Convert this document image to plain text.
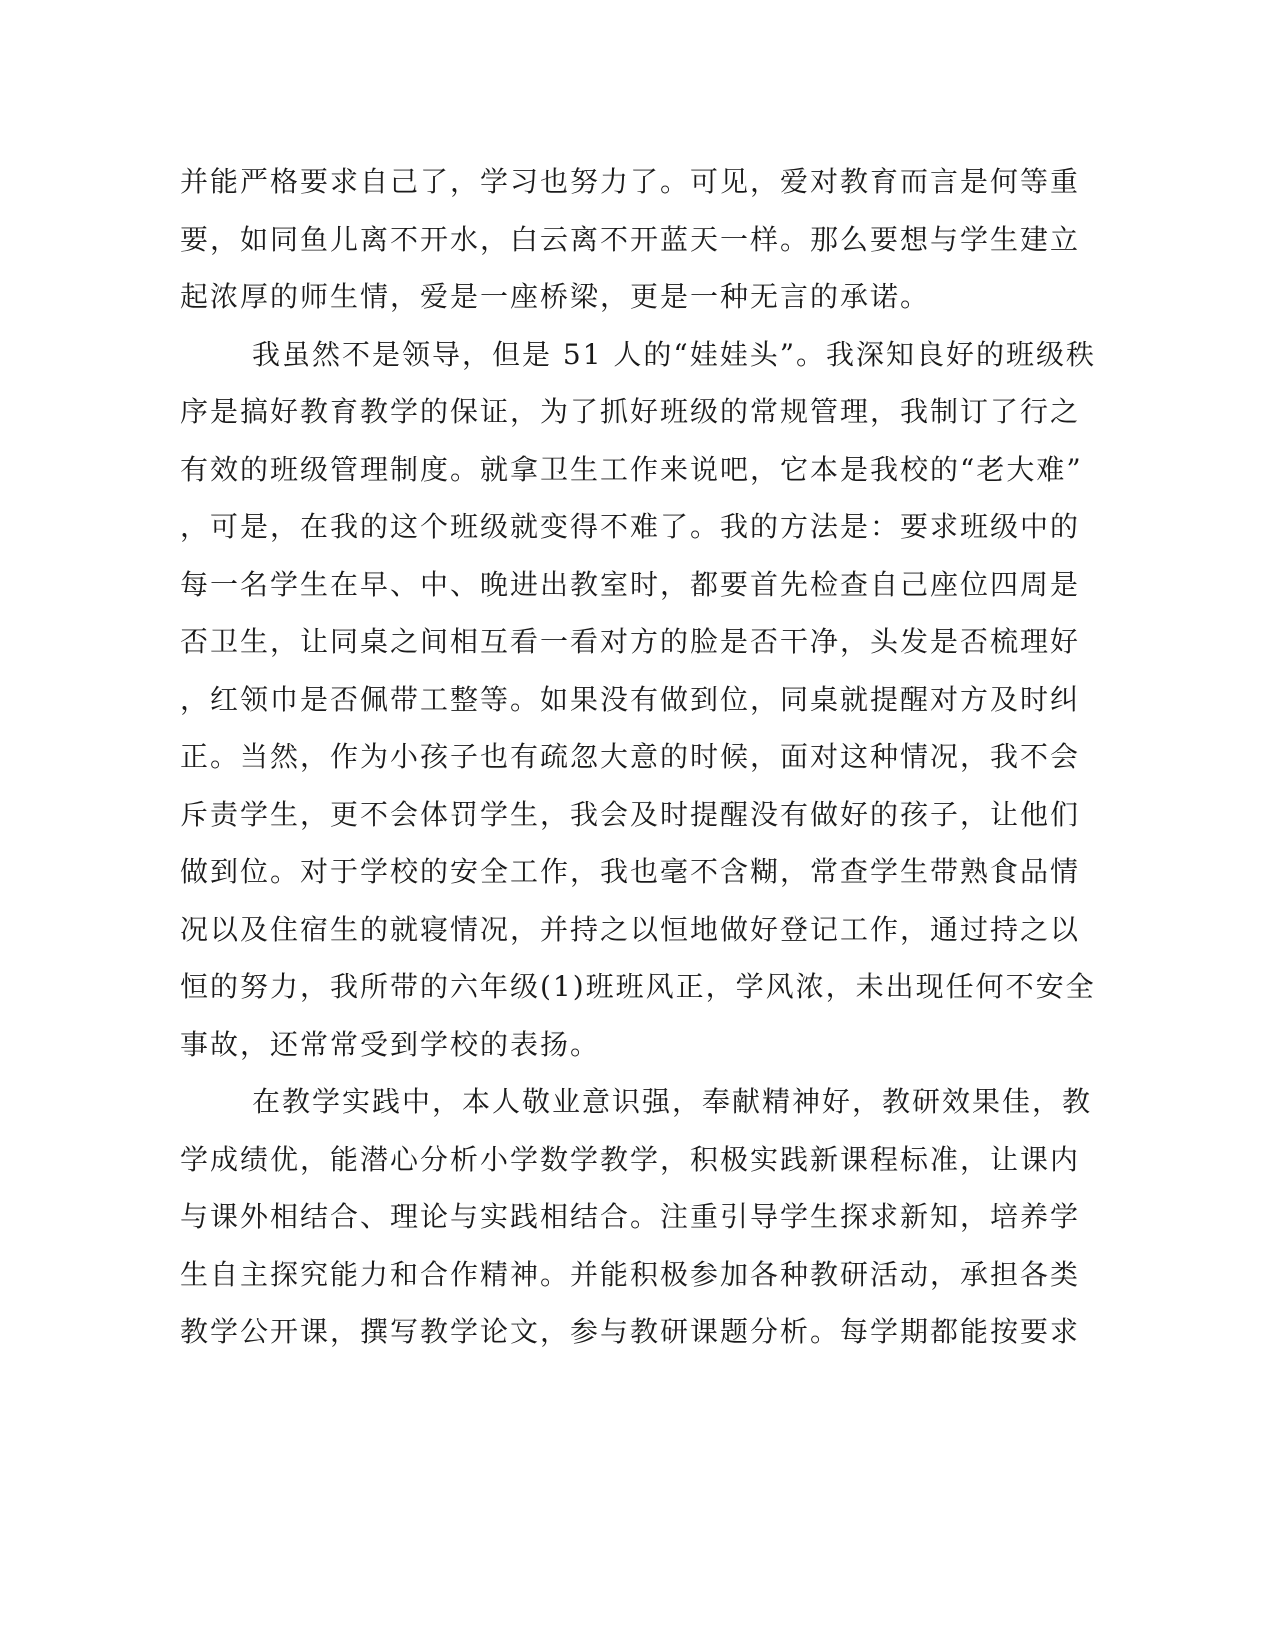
并能严格要求自己了，学习也努力了。可见，爱对教育而言是何等重
要，如同鱼儿离不开水，白云离不开蓝天一样。那么要想与学生建立
起浓厚的师生情，爱是一座桥梁，更是一种无言的承诺。
我虽然不是领导，但是 51 人的“娃娃头”。我深知良好的班级秩
序是搞好教育教学的保证，为了抓好班级的常规管理，我制订了行之
有效的班级管理制度。就拿卫生工作来说吧，它本是我校的“老大难”
，可是，在我的这个班级就变得不难了。我的方法是：要求班级中的
每一名学生在早、中、晚进出教室时，都要首先检查自己座位四周是
否卫生，让同桌之间相互看一看对方的脸是否干净，头发是否梳理好
，红领巾是否佩带工整等。如果没有做到位，同桌就提醒对方及时纠
正。当然，作为小孩子也有疏忽大意的时候，面对这种情况，我不会
斥责学生，更不会体罚学生，我会及时提醒没有做好的孩子，让他们
做到位。对于学校的安全工作，我也毫不含糊，常查学生带熟食品情
况以及住宿生的就寝情况，并持之以恒地做好登记工作，通过持之以
恒的努力，我所带的六年级(1)班班风正，学风浓，未出现任何不安全
事故，还常常受到学校的表扬。
在教学实践中，本人敬业意识强，奉献精神好，教研效果佳，教
学成绩优，能潜心分析小学数学教学，积极实践新课程标准，让课内
与课外相结合、理论与实践相结合。注重引导学生探求新知，培养学
生自主探究能力和合作精神。并能积极参加各种教研活动，承担各类
教学公开课，撰写教学论文，参与教研课题分析。每学期都能按要求
